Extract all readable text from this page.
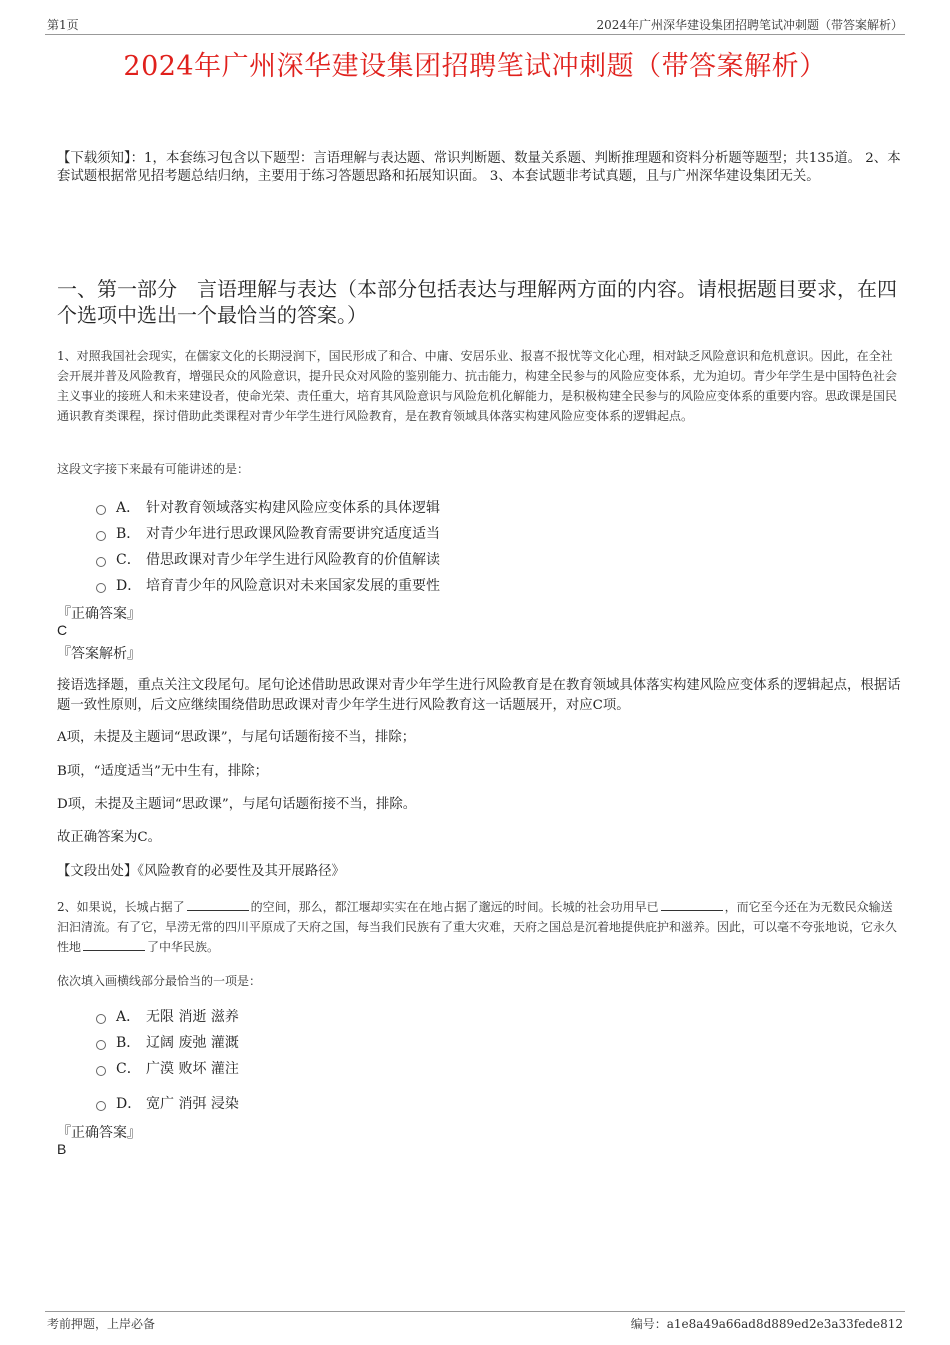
第1页	2024年广州深华建设集团招聘笔试冲刺题（带答案解析）
2024年广州深华建设集团招聘笔试冲刺题（带答案解析）
【下载须知】：1，本套练习包含以下题型：言语理解与表达题、常识判断题、数量关系题、判断推理题和资料分析题等题型；共135道。 2、本套试题根据常见招考题总结归纳，主要用于练习答题思路和拓展知识面。 3、本套试题非考试真题，且与广州深华建设集团无关。
一、第一部分　言语理解与表达（本部分包括表达与理解两方面的内容。请根据题目要求，在四个选项中选出一个最恰当的答案。）
1、对照我国社会现实，在儒家文化的长期浸润下，国民形成了和合、中庸、安居乐业、报喜不报忧等文化心理，相对缺乏风险意识和危机意识。因此，在全社会开展并普及风险教育，增强民众的风险意识，提升民众对风险的鉴别能力、抗击能力，构建全民参与的风险应变体系，尤为迫切。青少年学生是中国特色社会主义事业的接班人和未来建设者，使命光荣、责任重大，培育其风险意识与风险危机化解能力，是积极构建全民参与的风险应变体系的重要内容。思政课是国民通识教育类课程，探讨借助此类课程对青少年学生进行风险教育，是在教育领域具体落实构建风险应变体系的逻辑起点。
这段文字接下来最有可能讲述的是：
A． 针对教育领域落实构建风险应变体系的具体逻辑
B． 对青少年进行思政课风险教育需要讲究适度适当
C． 借思政课对青少年学生进行风险教育的价值解读
D． 培育青少年的风险意识对未来国家发展的重要性
『正确答案』
C
『答案解析』
接语选择题，重点关注文段尾句。尾句论述借助思政课对青少年学生进行风险教育是在教育领域具体落实构建风险应变体系的逻辑起点，根据话题一致性原则，后文应继续围绕借助思政课对青少年学生进行风险教育这一话题展开，对应C项。
A项，未提及主题词“思政课”，与尾句话题衔接不当，排除；
B项，“适度适当”无中生有，排除；
D项，未提及主题词“思政课”，与尾句话题衔接不当，排除。
故正确答案为C。
【文段出处】《风险教育的必要性及其开展路径》
2、如果说，长城占据了	的空间，那么，都江堰却实实在在地占据了邈远的时间。长城的社会功用早已	，而它至今还在为无数民众输送汩汩清流。有了它，旱涝无常的四川平原成了天府之国，每当我们民族有了重大灾难，天府之国总是沉着地提供庇护和滋养。因此，可以毫不夸张地说，它永久性地	了中华民族。
依次填入画横线部分最恰当的一项是：
A． 无限 消逝 滋养
B． 辽阔 废弛 灌溉
C． 广漠 败坏 灌注
D． 宽广 消弭 浸染
『正确答案』
B
考前押题，上岸必备	编号：a1e8a49a66ad8d889ed2e3a33fede812
